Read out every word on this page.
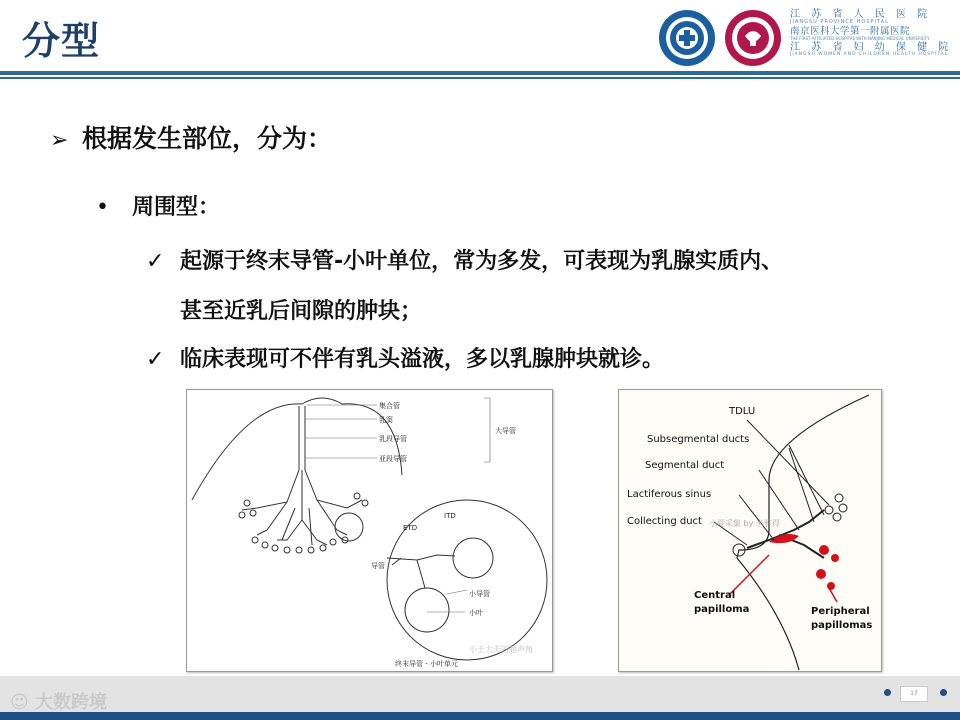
分型
江 苏 省 人 民 医 院
JIANGSU PROVINCE HOSPITAL
南京医科大学第一附属医院
THE FIRST AFFILIATED HOSPITAL WITH NANJING MEDICAL UNIVERSITY
江 苏 省 妇 幼 保 健 院
JIANGSU WOMEN AND CHILDREN HEALTH HOSPITAL
➢ 根据发生部位，分为：
• 周围型：
✓ 起源于终末导管-小叶单位，常为多发，可表现为乳腺实质内、
甚至近乳后间隙的肿块；
✓ 临床表现可不伴有乳头溢液，多以乳腺肿块就诊。
集合管
乳窦
乳段导管
亚段导管
大导管
ETD
ITD
导管
小导管
小叶
终末导管 - 小叶单元
小王大夫的超声角
TDLU
Subsegmental ducts
Segmental duct
Lactiferous sinus
Collecting duct
Central
papilloma	Peripheral
papillomas
小夏采集 by 米雅得
☺ 大数跨境	17
